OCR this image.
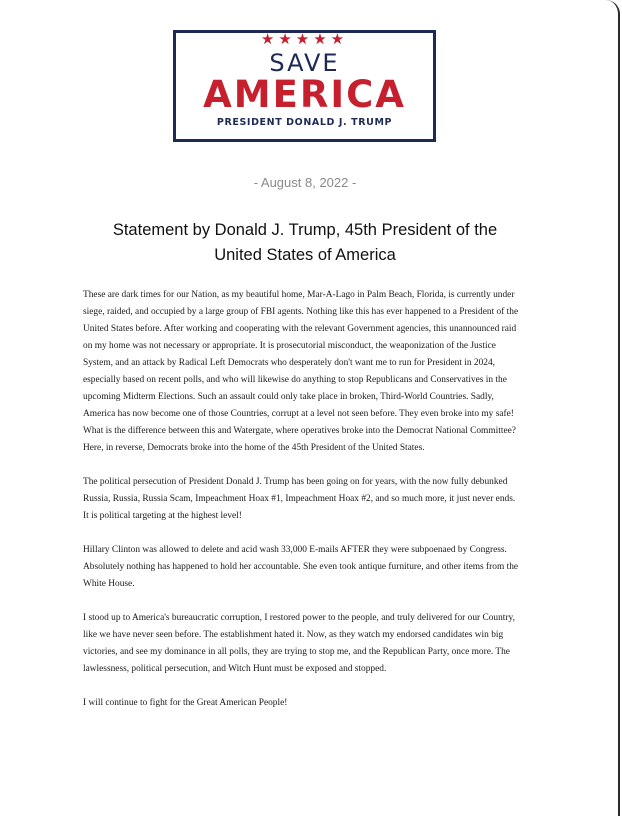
★★★★★
SAVE
AMERICA
PRESIDENT DONALD J. TRUMP
- August 8, 2022 -
Statement by Donald J. Trump, 45th President of the
United States of America

These are dark times for our Nation, as my beautiful home, Mar-A-Lago in Palm Beach, Florida, is currently under siege, raided, and occupied by a large group of FBI agents. Nothing like this has ever happened to a President of the United States before. After working and cooperating with the relevant Government agencies, this unannounced raid on my home was not necessary or appropriate. It is prosecutorial misconduct, the weaponization of the Justice System, and an attack by Radical Left Democrats who desperately don't want me to run for President in 2024, especially based on recent polls, and who will likewise do anything to stop Republicans and Conservatives in the upcoming Midterm Elections. Such an assault could only take place in broken, Third-World Countries. Sadly, America has now become one of those Countries, corrupt at a level not seen before. They even broke into my safe! What is the difference between this and Watergate, where operatives broke into the Democrat National Committee? Here, in reverse, Democrats broke into the home of the 45th President of the United States.

The political persecution of President Donald J. Trump has been going on for years, with the now fully debunked Russia, Russia, Russia Scam, Impeachment Hoax #1, Impeachment Hoax #2, and so much more, it just never ends. It is political targeting at the highest level!

Hillary Clinton was allowed to delete and acid wash 33,000 E-mails AFTER they were subpoenaed by Congress. Absolutely nothing has happened to hold her accountable. She even took antique furniture, and other items from the White House.

I stood up to America's bureaucratic corruption, I restored power to the people, and truly delivered for our Country, like we have never seen before. The establishment hated it. Now, as they watch my endorsed candidates win big victories, and see my dominance in all polls, they are trying to stop me, and the Republican Party, once more. The lawlessness, political persecution, and Witch Hunt must be exposed and stopped.

I will continue to fight for the Great American People!
